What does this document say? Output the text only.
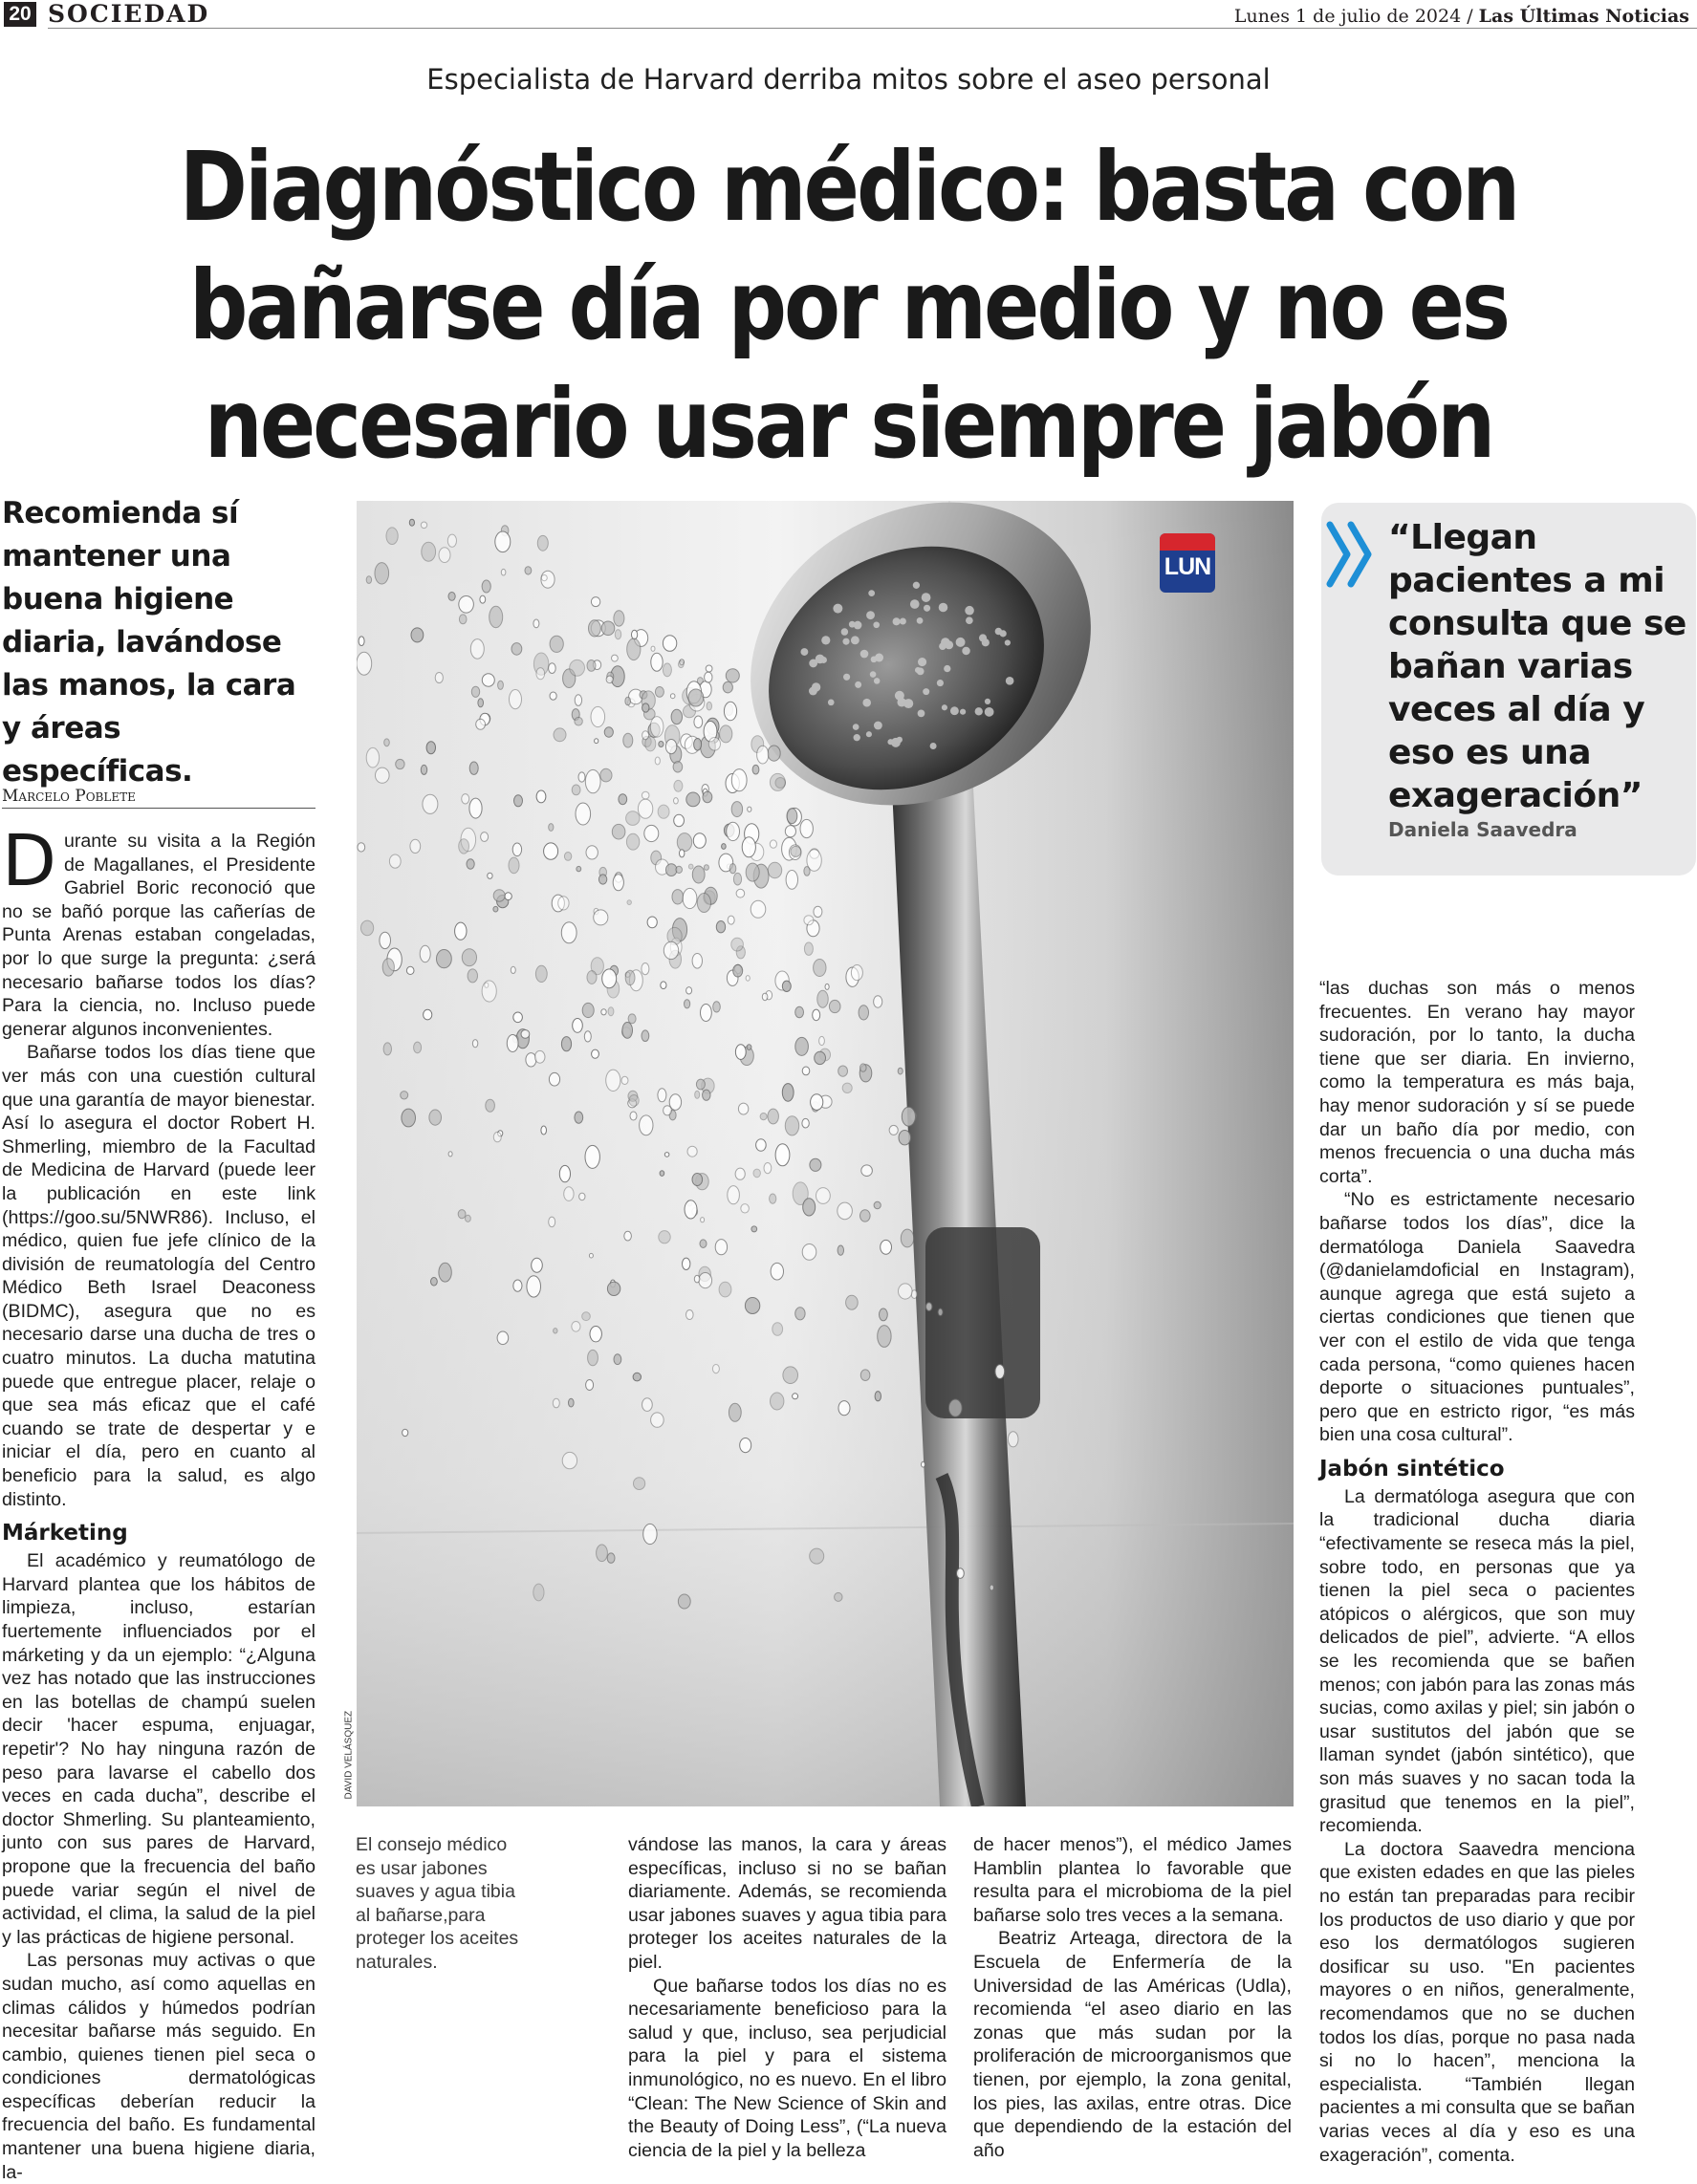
20 SOCIEDAD	Lunes 1 de julio de 2024 / Las Últimas Noticias
Especialista de Harvard derriba mitos sobre el aseo personal
Diagnóstico médico: basta con
bañarse día por medio y no es
necesario usar siempre jabón
Recomienda sí mantener una buena higiene diaria, lavándose las manos, la cara y áreas específicas.
Marcelo Poblete

Durante su visita a la Región de Magallanes, el Presidente Gabriel Boric reconoció que no se bañó porque las cañerías de Punta Arenas estaban congeladas, por lo que surge la pregunta: ¿será necesario bañarse todos los días? Para la ciencia, no. Incluso puede generar algunos inconvenientes.

Bañarse todos los días tiene que ver más con una cuestión cultural que una garantía de mayor bienestar. Así lo asegura el doctor Robert H. Shmerling, miembro de la Facultad de Medicina de Harvard (puede leer la publicación en este link (https://goo.su/5NWR86). Incluso, el médico, quien fue jefe clínico de la división de reumatología del Centro Médico Beth Israel Deaconess (BIDMC), asegura que no es necesario darse una ducha de tres o cuatro minutos. La ducha matutina puede que entregue placer, relaje o que sea más eficaz que el café cuando se trate de despertar y e iniciar el día, pero en cuanto al beneficio para la salud, es algo distinto.

Márketing

El académico y reumatólogo de Harvard plantea que los hábitos de limpieza, incluso, estarían fuertemente influenciados por el márketing y da un ejemplo: “¿Alguna vez has notado que las instrucciones en las botellas de champú suelen decir 'hacer espuma, enjuagar, repetir'? No hay ninguna razón de peso para lavarse el cabello dos veces en cada ducha”, describe el doctor Shmerling. Su planteamiento, junto con sus pares de Harvard, propone que la frecuencia del baño puede variar según el nivel de actividad, el clima, la salud de la piel y las prácticas de higiene personal.

Las personas muy activas o que sudan mucho, así como aquellas en climas cálidos y húmedos podrían necesitar bañarse más seguido. En cambio, quienes tienen piel seca o condiciones dermatológicas específicas deberían reducir la frecuencia del baño. Es fundamental mantener una buena higiene diaria, la-

vándose las manos, la cara y áreas específicas, incluso si no se bañan diariamente. Además, se recomienda usar jabones suaves y agua tibia para proteger los aceites naturales de la piel.

Que bañarse todos los días no es necesariamente beneficioso para la salud y que, incluso, sea perjudicial para la piel y para el sistema inmunológico, no es nuevo. En el libro “Clean: The New Science of Skin and the Beauty of Doing Less”, (“La nueva ciencia de la piel y la belleza

de hacer menos”), el médico James Hamblin plantea lo favorable que resulta para el microbioma de la piel bañarse solo tres veces a la semana.

Beatriz Arteaga, directora de la Escuela de Enfermería de la Universidad de las Américas (Udla), recomienda “el aseo diario en las zonas que más sudan por la proliferación de microorganismos que tienen, por ejemplo, la zona genital, los pies, las axilas, entre otras. Dice que dependiendo de la estación del año

“las duchas son más o menos frecuentes. En verano hay mayor sudoración, por lo tanto, la ducha tiene que ser diaria. En invierno, como la temperatura es más baja, hay menor sudoración y sí se puede dar un baño día por medio, con menos frecuencia o una ducha más corta”.

“No es estrictamente necesario bañarse todos los días”, dice la dermatóloga Daniela Saavedra (@danielamdoficial en Instagram), aunque agrega que está sujeto a ciertas condiciones que tienen que ver con el estilo de vida que tenga cada persona, “como quienes hacen deporte o situaciones puntuales”, pero que en estricto rigor, “es más bien una cosa cultural”.

Jabón sintético

La dermatóloga asegura que con la tradicional ducha diaria “efectivamente se reseca más la piel, sobre todo, en personas que ya tienen la piel seca o pacientes atópicos o alérgicos, que son muy delicados de piel”, advierte. “A ellos se les recomienda que se bañen menos; con jabón para las zonas más sucias, como axilas y piel; sin jabón o usar sustitutos del jabón que se llaman syndet (jabón sintético), que son más suaves y no sacan toda la grasitud que tenemos en la piel”, recomienda.

La doctora Saavedra menciona que existen edades en que las pieles no están tan preparadas para recibir los productos de uso diario y que por eso los dermatólogos sugieren dosificar su uso. "En pacientes mayores o en niños, generalmente, recomendamos que no se duchen todos los días, porque no pasa nada si no lo hacen”, menciona la especialista. “También llegan pacientes a mi consulta que se bañan varias veces al día y eso es una exageración”, comenta.

DAVID VELÁSQUEZ
LUN
El consejo médico es usar jabones suaves y agua tibia al bañarse,para proteger los aceites naturales.
“Llegan pacientes a mi consulta que se bañan varias veces al día y eso es una exageración”
Daniela Saavedra
